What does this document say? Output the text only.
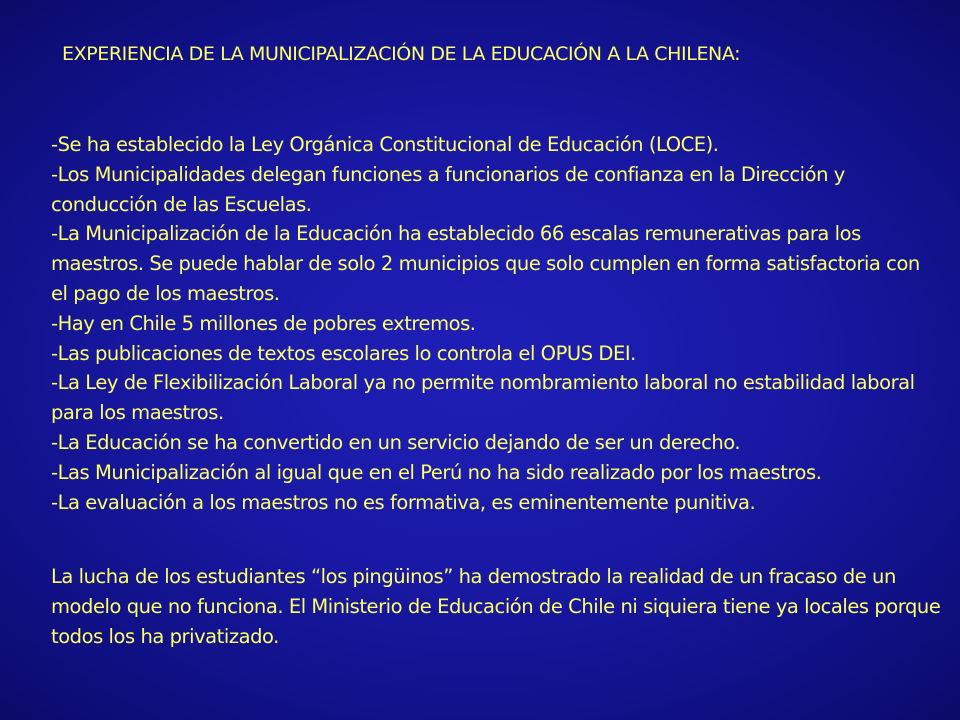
EXPERIENCIA DE LA MUNICIPALIZACIÓN DE LA EDUCACIÓN A LA CHILENA:
-Se ha establecido la Ley Orgánica Constitucional de Educación (LOCE).
-Los Municipalidades delegan funciones a funcionarios de confianza en la Dirección y conducción de las Escuelas.
-La Municipalización de la Educación ha establecido 66 escalas remunerativas para los maestros. Se puede hablar de solo 2 municipios que solo cumplen en forma satisfactoria con el pago de los maestros.
-Hay en Chile 5 millones de pobres extremos.
-Las publicaciones de textos escolares lo controla el OPUS DEI.
-La Ley de Flexibilización Laboral ya no permite nombramiento laboral no estabilidad laboral para los maestros.
-La Educación se ha convertido en un servicio dejando de ser un derecho.
-Las Municipalización al igual que en el Perú no ha sido realizado por los maestros.
-La evaluación a los maestros no es formativa, es eminentemente punitiva.

La lucha de los estudiantes “los pingüinos” ha demostrado la realidad de un fracaso de un modelo que no funciona. El Ministerio de Educación de Chile ni siquiera tiene ya locales porque todos los ha privatizado.
